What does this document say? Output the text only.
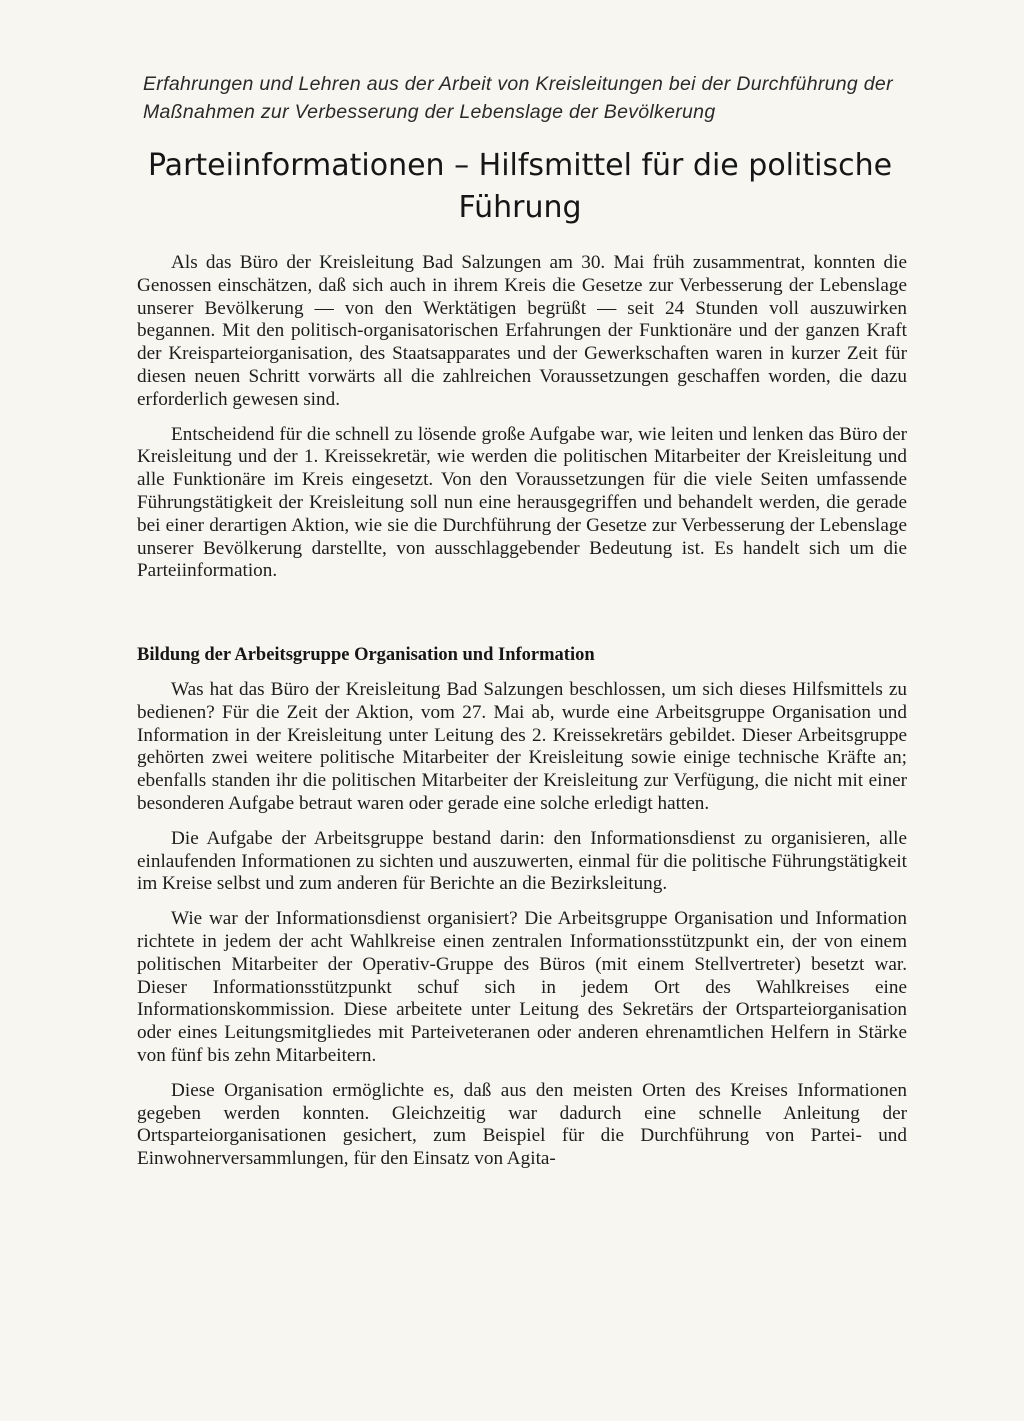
Erfahrungen und Lehren aus der Arbeit von Kreisleitungen bei der Durchführung der Maßnahmen zur Verbesserung der Lebenslage der Bevölkerung
Parteiinformationen – Hilfsmittel für die politische Führung

Als das Büro der Kreisleitung Bad Salzungen am 30. Mai früh zusammentrat, konnten die Genossen einschätzen, daß sich auch in ihrem Kreis die Gesetze zur Verbesserung der Lebenslage unserer Bevölkerung — von den Werktätigen begrüßt — seit 24 Stunden voll auszuwirken begannen. Mit den politisch-organisatorischen Erfahrungen der Funktionäre und der ganzen Kraft der Kreisparteiorganisation, des Staatsapparates und der Gewerkschaften waren in kurzer Zeit für diesen neuen Schritt vorwärts all die zahlreichen Voraussetzungen geschaffen worden, die dazu erforderlich gewesen sind.

Entscheidend für die schnell zu lösende große Aufgabe war, wie leiten und lenken das Büro der Kreisleitung und der 1. Kreissekretär, wie werden die politischen Mitarbeiter der Kreisleitung und alle Funktionäre im Kreis eingesetzt. Von den Voraussetzungen für die viele Seiten umfassende Führungstätigkeit der Kreisleitung soll nun eine herausgegriffen und behandelt werden, die gerade bei einer derartigen Aktion, wie sie die Durchführung der Gesetze zur Verbesserung der Lebenslage unserer Bevölkerung darstellte, von ausschlaggebender Bedeutung ist. Es handelt sich um die Parteiinformation.

Bildung der Arbeitsgruppe Organisation und Information

Was hat das Büro der Kreisleitung Bad Salzungen beschlossen, um sich dieses Hilfsmittels zu bedienen? Für die Zeit der Aktion, vom 27. Mai ab, wurde eine Arbeitsgruppe Organisation und Information in der Kreisleitung unter Leitung des 2. Kreissekretärs gebildet. Dieser Arbeitsgruppe gehörten zwei weitere politische Mitarbeiter der Kreisleitung sowie einige technische Kräfte an; ebenfalls standen ihr die politischen Mitarbeiter der Kreisleitung zur Verfügung, die nicht mit einer besonderen Aufgabe betraut waren oder gerade eine solche erledigt hatten.

Die Aufgabe der Arbeitsgruppe bestand darin: den Informationsdienst zu organisieren, alle einlaufenden Informationen zu sichten und auszuwerten, einmal für die politische Führungstätigkeit im Kreise selbst und zum anderen für Berichte an die Bezirksleitung.

Wie war der Informationsdienst organisiert? Die Arbeitsgruppe Organisation und Information richtete in jedem der acht Wahlkreise einen zentralen Informationsstützpunkt ein, der von einem politischen Mitarbeiter der Operativ-Gruppe des Büros (mit einem Stellvertreter) besetzt war. Dieser Informationsstützpunkt schuf sich in jedem Ort des Wahlkreises eine Informationskommission. Diese arbeitete unter Leitung des Sekretärs der Ortsparteiorganisation oder eines Leitungsmitgliedes mit Parteiveteranen oder anderen ehrenamtlichen Helfern in Stärke von fünf bis zehn Mitarbeitern.

Diese Organisation ermöglichte es, daß aus den meisten Orten des Kreises Informationen gegeben werden konnten. Gleichzeitig war dadurch eine schnelle Anleitung der Ortsparteiorganisationen gesichert, zum Beispiel für die Durchführung von Partei- und Einwohnerversammlungen, für den Einsatz von Agita-
